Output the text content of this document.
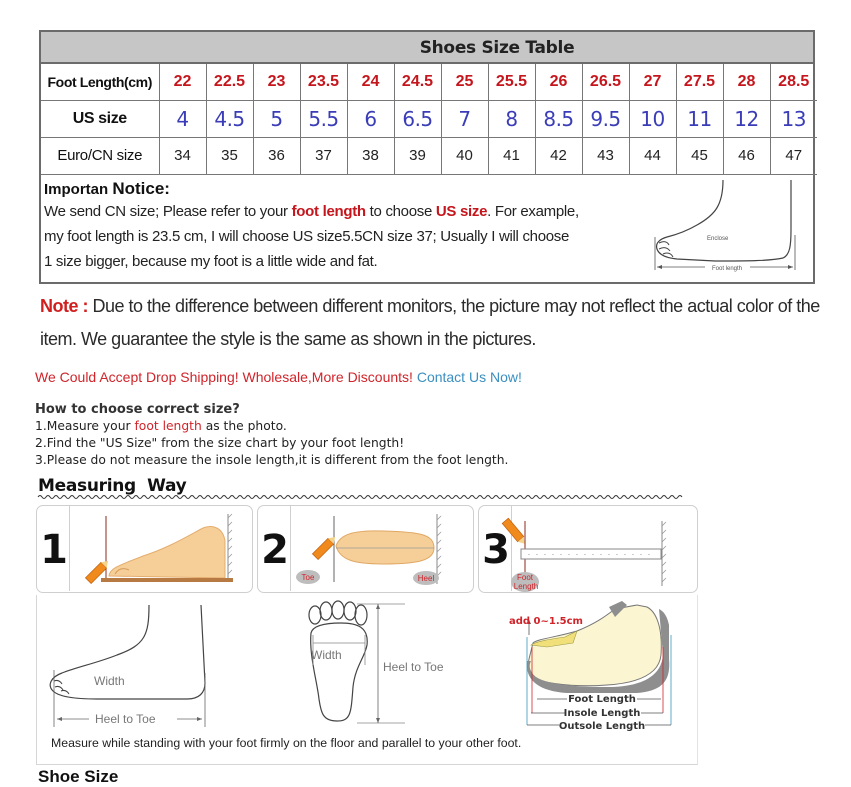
Shoes Size Table
Foot Length(cm)	22	22.5	23	23.5	24	24.5	25	25.5	26	26.5	27	27.5	28	28.5
US size	4	4.5	5	5.5	6	6.5	7	8	8.5	9.5	10	11	12	13
Euro/CN size	34	35	36	37	38	39	40	41	42	43	44	45	46	47
Importan Notice:
We send CN size; Please refer to your foot length to choose US size. For example,
my foot length is 23.5 cm, I will choose US size5.5CN size 37; Usually I will choose
1 size bigger, because my foot is a little wide and fat.	Foot length
Enclose
Note : Due to the difference between different monitors, the picture may not reflect the actual color of the item. We guarantee the style is the same as shown in the pictures.
We Could Accept Drop Shipping! Wholesale,More Discounts! Contact Us Now!
How to choose correct size?

1.Measure your foot length as the photo.

2.Find the "US Size" from the size chart by your foot length!

3.Please do not measure the insole length,it is different from the foot length.

Measuring  Way
1	2
Toe	Heel
3
Foot
Length
Width
Heel to Toe
Width
Heel to Toe
add 0~1.5cm
Foot Length
Insole Length
Outsole Length
Measure while standing with your foot firmly on the floor and parallel to your other foot.
Shoe Size
